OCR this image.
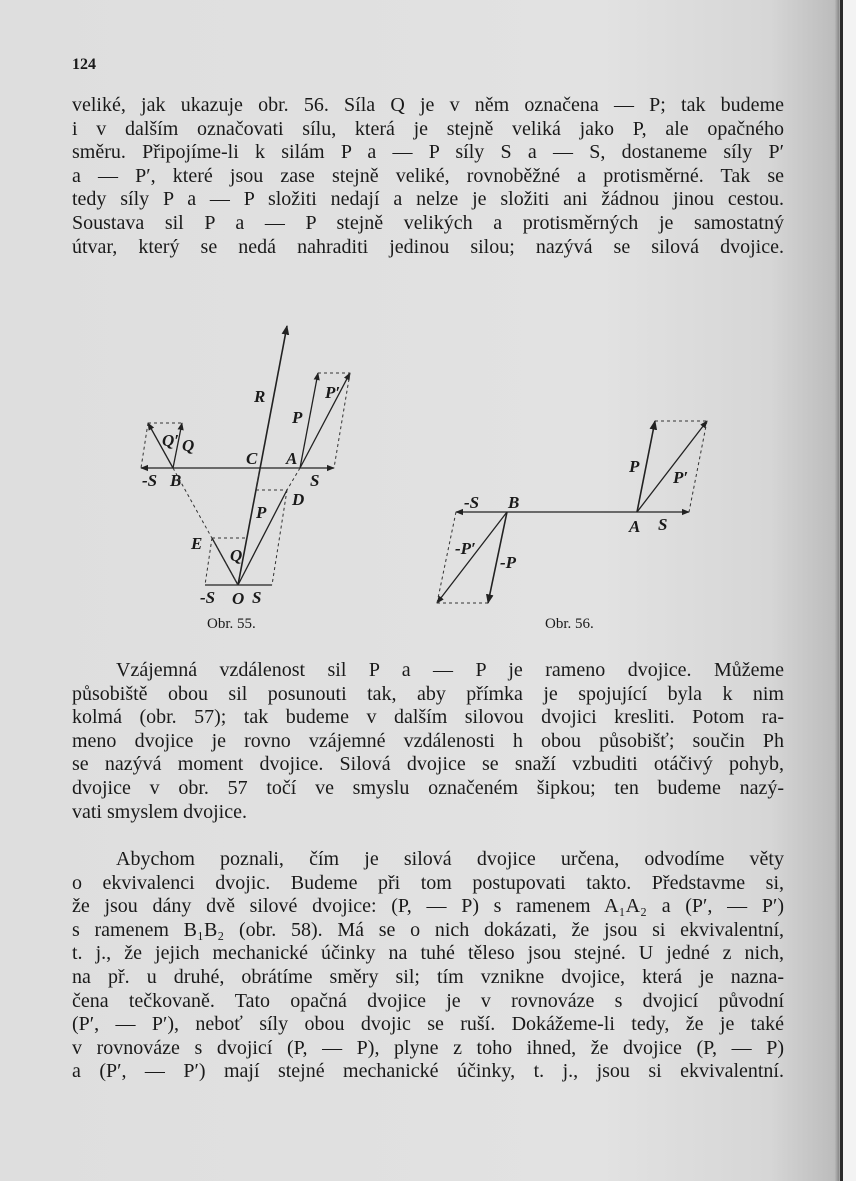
124
veliké, jak ukazuje obr. 56. Síla Q je v něm označena — P; tak budeme
i v dalším označovati sílu, která je stejně veliká jako P, ale opačného
směru. Připojíme-li k silám P a — P síly S a — S, dostaneme síly P′
a — P′, které jsou zase stejně veliké, rovnoběžné a protisměrné. Tak se
tedy síly P a — P složiti nedají a nelze je složiti ani žádnou jinou cestou.
Soustava sil P a — P stejně velikých a protisměrných je samostatný
útvar, který se nedá nahraditi jedinou silou; nazývá se silová dvojice.
R	P′
P
Q′ Q
C A
-S B	S
D
P
E
Q
-S O S
Obr. 55.
P
P′
-S B
A S
-P′
-P
Obr. 56.
Vzájemná vzdálenost sil P a — P je rameno dvojice. Můžeme
působiště obou sil posunouti tak, aby přímka je spojující byla k nim
kolmá (obr. 57); tak budeme v dalším silovou dvojici kresliti. Potom ra-
meno dvojice je rovno vzájemné vzdálenosti h obou působišť; součin Ph
se nazývá moment dvojice. Silová dvojice se snaží vzbuditi otáčivý pohyb,
dvojice v obr. 57 točí ve smyslu označeném šipkou; ten budeme nazý-
vati smyslem dvojice.
Abychom poznali, čím je silová dvojice určena, odvodíme věty
o ekvivalenci dvojic. Budeme při tom postupovati takto. Představme si,
že jsou dány dvě silové dvojice: (P, — P) s ramenem A₁A₂ a (P′, — P′)
s ramenem B₁B₂ (obr. 58). Má se o nich dokázati, že jsou si ekvivalentní,
t. j., že jejich mechanické účinky na tuhé těleso jsou stejné. U jedné z nich,
na př. u druhé, obrátíme směry sil; tím vznikne dvojice, která je nazna-
čena tečkovaně. Tato opačná dvojice je v rovnováze s dvojicí původní
(P′, — P′), neboť síly obou dvojic se ruší. Dokážeme-li tedy, že je také
v rovnováze s dvojicí (P, — P), plyne z toho ihned, že dvojice (P, — P)
a (P′, — P′) mají stejné mechanické účinky, t. j., jsou si ekvivalentní.
